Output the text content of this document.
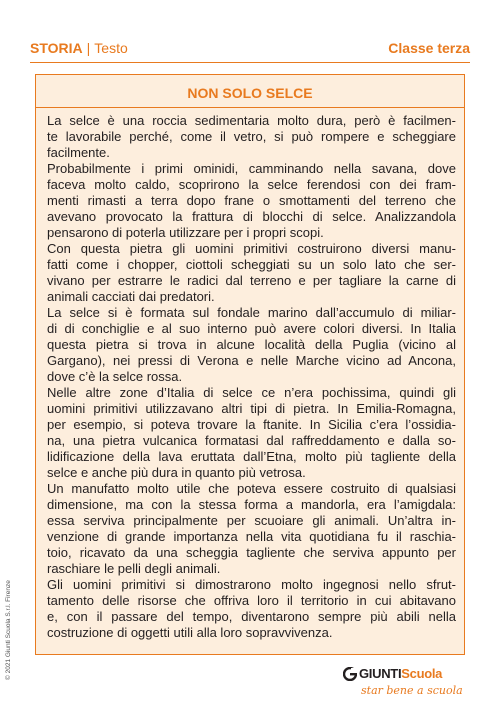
STORIA | Testo	Classe terza
NON SOLO SELCE
La selce è una roccia sedimentaria molto dura, però è facilmen-
te lavorabile perché, come il vetro, si può rompere e scheggiare
facilmente.
Probabilmente i primi ominidi, camminando nella savana, dove
faceva molto caldo, scoprirono la selce ferendosi con dei fram-
menti rimasti a terra dopo frane o smottamenti del terreno che
avevano provocato la frattura di blocchi di selce. Analizzandola
pensarono di poterla utilizzare per i propri scopi.
Con questa pietra gli uomini primitivi costruirono diversi manu-
fatti come i chopper, ciottoli scheggiati su un solo lato che ser-
vivano per estrarre le radici dal terreno e per tagliare la carne di
animali cacciati dai predatori.
La selce si è formata sul fondale marino dall’accumulo di miliar-
di di conchiglie e al suo interno può avere colori diversi. In Italia
questa pietra si trova in alcune località della Puglia (vicino al
Gargano), nei pressi di Verona e nelle Marche vicino ad Ancona,
dove c’è la selce rossa.
Nelle altre zone d’Italia di selce ce n’era pochissima, quindi gli
uomini primitivi utilizzavano altri tipi di pietra. In Emilia-Romagna,
per esempio, si poteva trovare la ftanite. In Sicilia c’era l’ossidia-
na, una pietra vulcanica formatasi dal raffreddamento e dalla so-
lidificazione della lava eruttata dall’Etna, molto più tagliente della
selce e anche più dura in quanto più vetrosa.
Un manufatto molto utile che poteva essere costruito di qualsiasi
dimensione, ma con la stessa forma a mandorla, era l’amigdala:
essa serviva principalmente per scuoiare gli animali. Un’altra in-
venzione di grande importanza nella vita quotidiana fu il raschia-
toio, ricavato da una scheggia tagliente che serviva appunto per
raschiare le pelli degli animali.
Gli uomini primitivi si dimostrarono molto ingegnosi nello sfrut-
tamento delle risorse che offriva loro il territorio in cui abitavano
e, con il passare del tempo, diventarono sempre più abili nella
costruzione di oggetti utili alla loro sopravvivenza.
© 2021 Giunti Scuola S.r.l. Firenze	GIUNTIScuola
star bene a scuola
